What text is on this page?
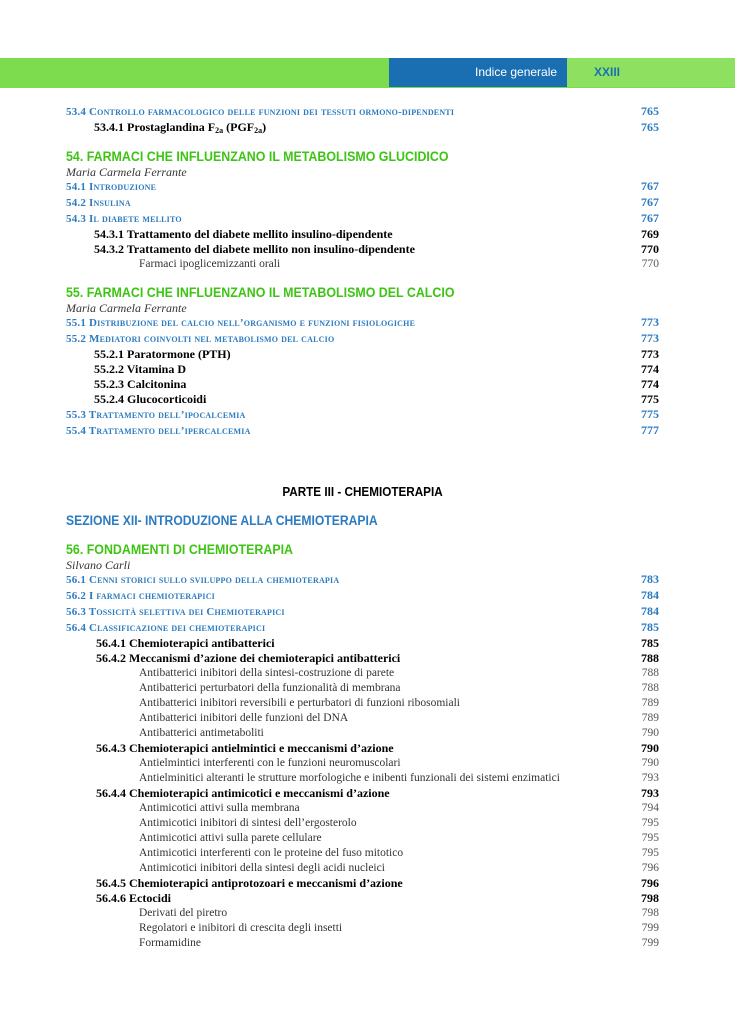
Indice generale	XXIII
53.4 Controllo farmacologico delle funzioni dei tessuti ormono-dipendenti	765
53.4.1 Prostaglandina $F_{2a}$ $(PGF_{2a})$	765
54. FARMACI CHE INFLUENZANO IL METABOLISMO GLUCIDICO
Maria Carmela Ferrante
54.1 Introduzione	767
54.2 Insulina	767
54.3 Il diabete mellito	767
54.3.1 Trattamento del diabete mellito insulino-dipendente	769
54.3.2 Trattamento del diabete mellito non insulino-dipendente	770
Farmaci ipoglicemizzanti orali	770
55. FARMACI CHE INFLUENZANO IL METABOLISMO DEL CALCIO
Maria Carmela Ferrante
55.1 Distribuzione del calcio nell’organismo e funzioni fisiologiche	773
55.2 Mediatori coinvolti nel metabolismo del calcio	773
55.2.1 Paratormone (PTH)	773
55.2.2 Vitamina D	774
55.2.3 Calcitonina	774
55.2.4 Glucocorticoidi	775
55.3 Trattamento dell’ipocalcemia	775
55.4 Trattamento dell’ipercalcemia	777
PARTE III - CHEMIOTERAPIA
SEZIONE XII- INTRODUZIONE ALLA CHEMIOTERAPIA
56. FONDAMENTI DI CHEMIOTERAPIA
Silvano Carli
56.1 Cenni storici sullo sviluppo della chemioterapia	783
56.2 I farmaci chemioterapici	784
56.3 Tossicità selettiva dei Chemioterapici	784
56.4 Classificazione dei chemioterapici	785
56.4.1 Chemioterapici antibatterici	785
56.4.2 Meccanismi d’azione dei chemioterapici antibatterici	788
Antibatterici inibitori della sintesi-costruzione di parete	788
Antibatterici perturbatori della funzionalità di membrana	788
Antibatterici inibitori reversibili e perturbatori di funzioni ribosomiali	789
Antibatterici inibitori delle funzioni del DNA	789
Antibatterici antimetaboliti	790
56.4.3 Chemioterapici antielmintici e meccanismi d’azione	790
Antielmintici interferenti con le funzioni neuromuscolari	790
Antielminitici alteranti le strutture morfologiche e inibenti funzionali dei sistemi enzimatici	793
56.4.4 Chemioterapici antimicotici e meccanismi d’azione	793
Antimicotici attivi sulla membrana	794
Antimicotici inibitori di sintesi dell’ergosterolo	795
Antimicotici attivi sulla parete cellulare	795
Antimicotici interferenti con le proteine del fuso mitotico	795
Antimicotici inibitori della sintesi degli acidi nucleici	796
56.4.5 Chemioterapici antiprotozoari e meccanismi d’azione	796
56.4.6 Ectocidi	798
Derivati del piretro	798
Regolatori e inibitori di crescita degli insetti	799
Formamidine	799
